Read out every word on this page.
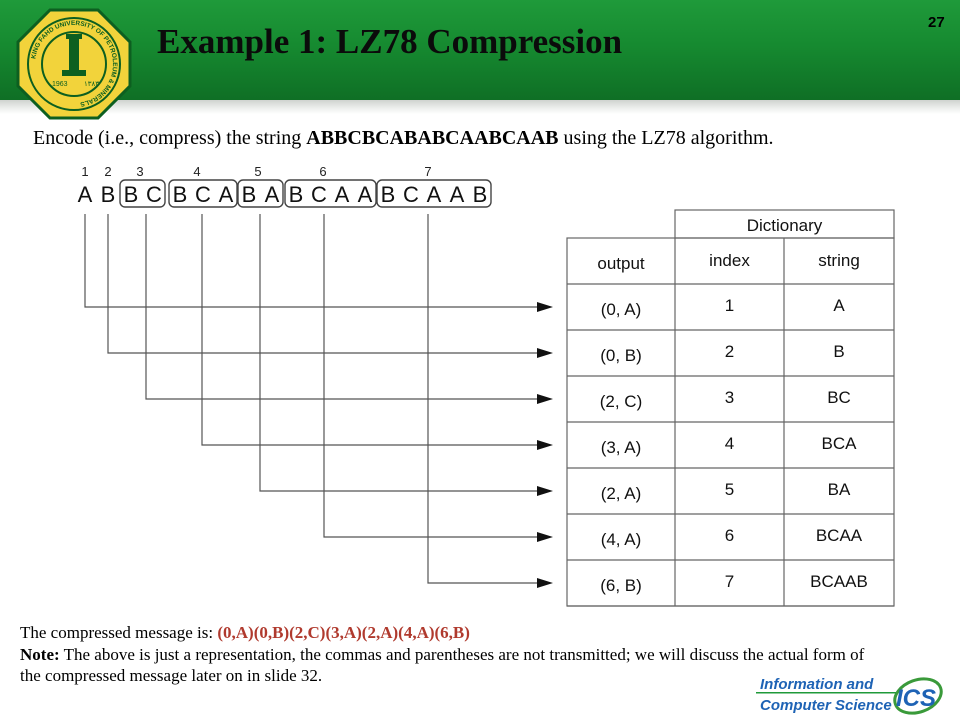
KING FAHD UNIVERSITY OF PETROLEUM & MINERALS
1963 ١٣٨٣
Example 1: LZ78 Compression	27
Encode (i.e., compress) the string ABBCBCABABCAABCAAB using the LZ78 algorithm.
1 2 3	4	5	6	7
A B B C B C A B A B C A A B C A A B
Dictionary
output	index	string
(0, A)	1	A
(0, B)	2	B
(2, C)	3	BC
(3, A)	4	BCA
(2, A)	5	BA
(4, A)	6	BCAA
(6, B)	7	BCAAB
The compressed message is: (0,A)(0,B)(2,C)(3,A)(2,A)(4,A)(6,B)
Note: The above is just a representation, the commas and parentheses are not transmitted; we will discuss the actual form of the compressed message later on in slide 32.	Information and
Computer Science ICS
